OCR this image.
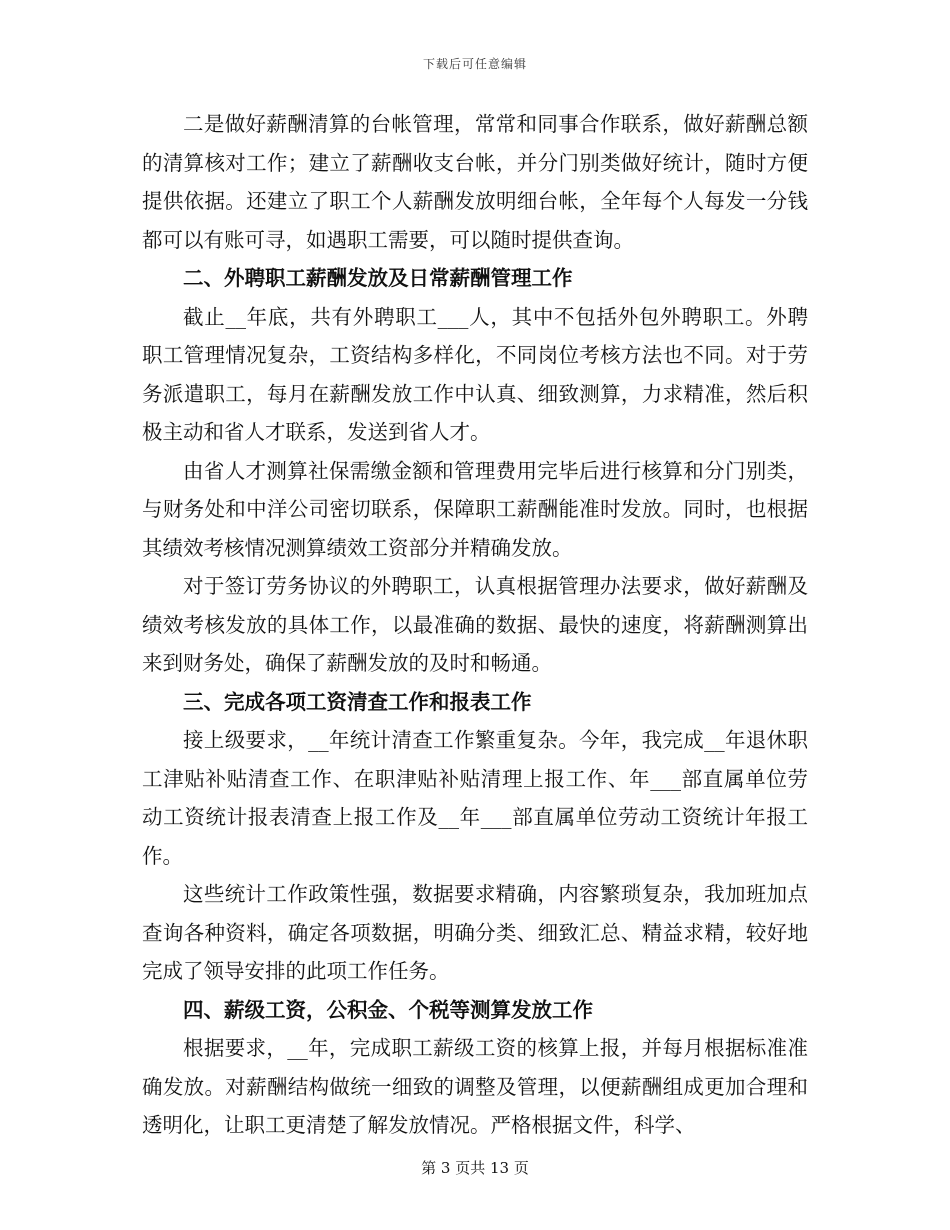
下载后可任意编辑

二是做好薪酬清算的台帐管理，常常和同事合作联系，做好薪酬总额的清算核对工作；建立了薪酬收支台帐，并分门别类做好统计，随时方便提供依据。还建立了职工个人薪酬发放明细台帐，全年每个人每发一分钱都可以有账可寻，如遇职工需要，可以随时提供查询。

二、外聘职工薪酬发放及日常薪酬管理工作

截止__年底，共有外聘职工___人，其中不包括外包外聘职工。外聘职工管理情况复杂，工资结构多样化，不同岗位考核方法也不同。对于劳务派遣职工，每月在薪酬发放工作中认真、细致测算，力求精准，然后积极主动和省人才联系，发送到省人才。

由省人才测算社保需缴金额和管理费用完毕后进行核算和分门别类，与财务处和中洋公司密切联系，保障职工薪酬能准时发放。同时，也根据其绩效考核情况测算绩效工资部分并精确发放。

对于签订劳务协议的外聘职工，认真根据管理办法要求，做好薪酬及绩效考核发放的具体工作，以最准确的数据、最快的速度，将薪酬测算出来到财务处，确保了薪酬发放的及时和畅通。

三、完成各项工资清查工作和报表工作

接上级要求，__年统计清查工作繁重复杂。今年，我完成__年退休职工津贴补贴清查工作、在职津贴补贴清理上报工作、年___部直属单位劳动工资统计报表清查上报工作及__年___部直属单位劳动工资统计年报工作。

这些统计工作政策性强，数据要求精确，内容繁琐复杂，我加班加点查询各种资料，确定各项数据，明确分类、细致汇总、精益求精，较好地完成了领导安排的此项工作任务。

四、薪级工资，公积金、个税等测算发放工作

根据要求，__年，完成职工薪级工资的核算上报，并每月根据标准准确发放。对薪酬结构做统一细致的调整及管理，以便薪酬组成更加合理和透明化，让职工更清楚了解发放情况。严格根据文件，科学、

第 3 页共 13 页
